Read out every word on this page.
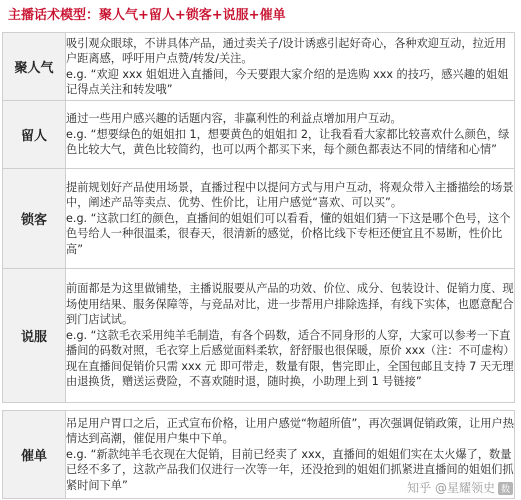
主播话术模型：聚人气+留人+锁客+说服+催单
聚人气	吸引观众眼球，不讲具体产品，通过卖关子/设计诱惑引起好奇心，各种欢迎互动，拉近用户距离感，呼吁用户点赞/转发/关注。

e.g. “欢迎 xxx 姐姐进入直播间，今天要跟大家介绍的是选购 xxx 的技巧，感兴趣的姐姐记得点关注和转发哦”

留人	通过一些用户感兴趣的话题内容，非赢利性的利益点增加用户互动。

e.g. “想要绿色的姐姐扣 1，想要黄色的姐姐扣 2，让我看看大家都比较喜欢什么颜色，绿色比较大气，黄色比较简约，也可以两个都买下来，每个颜色都表达不同的情绪和心情”

锁客	提前规划好产品使用场景，直播过程中以提问方式与用户互动，将观众带入主播描绘的场景中，阐述产品等卖点、优势、性价比，让用户感觉“喜欢、可以买”。

e.g. “这款口红的颜色，直播间的姐姐们可以看看，懂的姐姐们猜一下这是哪个色号，这个色号给人一种很温柔，很春天，很清新的感觉，价格比线下专柜还便宜且不易断，性价比高”

说服	前面都是为这里做铺垫，主播说服要从产品的功效、价位、成分、包装设计、促销力度、现场使用结果、服务保障等，与竞品对比，进一步帮用户排除选择，有线下实体，也愿意配合到门店试试。

e.g. “这款毛衣采用纯羊毛制造，有各个码数，适合不同身形的人穿，大家可以参考一下直播间的码数对照，毛衣穿上后感觉面料柔软，舒舒服也很保暖，原价 xxx（注：不可虚构）现在直播间促销价只需 xxx 元 即可带走，数量有限，售完即止，全国包邮且支持 7 天无理由退换货，赠送运费险，不喜欢随时退，随时换，小助理上到 1 号链接”

催单	吊足用户胃口之后，正式宣布价格，让用户感觉“物超所值”，再次强调促销政策，让用户热情达到高潮，催促用户集中下单。

e.g. “新款纯羊毛衣现在大促销，目前已经卖了 xxx，直播间的姐姐们实在太火爆了，数量已经不多了，这款产品我们仅进行一次等一年，还没抢到的姐姐们抓紧进直播间的姐姐们抓紧时间下单”	知乎 @星耀领史 数
